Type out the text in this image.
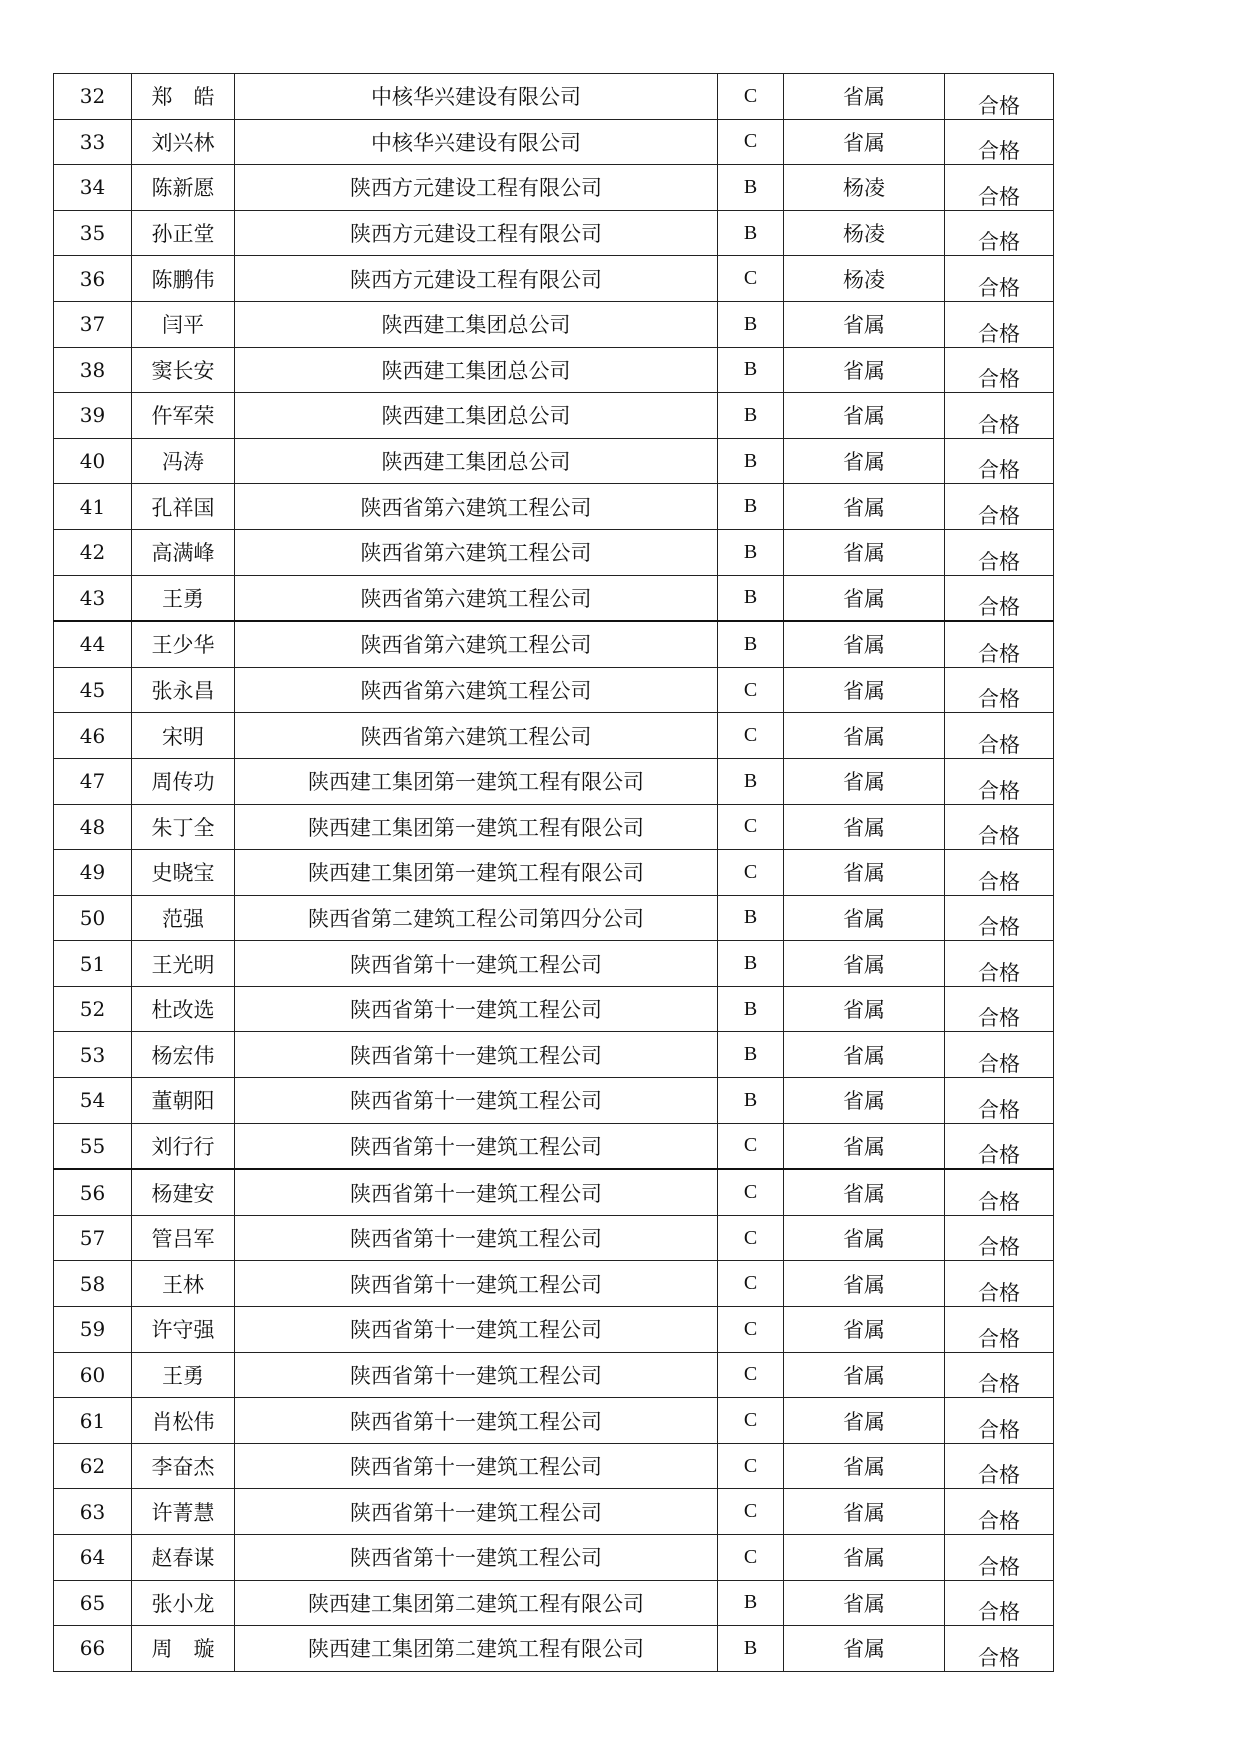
32	郑　皓	中核华兴建设有限公司	C	省属	合格
33	刘兴林	中核华兴建设有限公司	C	省属	合格
34	陈新愿	陕西方元建设工程有限公司	B	杨凌	合格
35	孙正堂	陕西方元建设工程有限公司	B	杨凌	合格
36	陈鹏伟	陕西方元建设工程有限公司	C	杨凌	合格
37	闫平	陕西建工集团总公司	B	省属	合格
38	窦长安	陕西建工集团总公司	B	省属	合格
39	仵军荣	陕西建工集团总公司	B	省属	合格
40	冯涛	陕西建工集团总公司	B	省属	合格
41	孔祥国	陕西省第六建筑工程公司	B	省属	合格
42	高满峰	陕西省第六建筑工程公司	B	省属	合格
43	王勇	陕西省第六建筑工程公司	B	省属	合格
44	王少华	陕西省第六建筑工程公司	B	省属	合格
45	张永昌	陕西省第六建筑工程公司	C	省属	合格
46	宋明	陕西省第六建筑工程公司	C	省属	合格
47	周传功	陕西建工集团第一建筑工程有限公司	B	省属	合格
48	朱丁全	陕西建工集团第一建筑工程有限公司	C	省属	合格
49	史晓宝	陕西建工集团第一建筑工程有限公司	C	省属	合格
50	范强	陕西省第二建筑工程公司第四分公司	B	省属	合格
51	王光明	陕西省第十一建筑工程公司	B	省属	合格
52	杜改选	陕西省第十一建筑工程公司	B	省属	合格
53	杨宏伟	陕西省第十一建筑工程公司	B	省属	合格
54	董朝阳	陕西省第十一建筑工程公司	B	省属	合格
55	刘行行	陕西省第十一建筑工程公司	C	省属	合格
56	杨建安	陕西省第十一建筑工程公司	C	省属	合格
57	管吕军	陕西省第十一建筑工程公司	C	省属	合格
58	王林	陕西省第十一建筑工程公司	C	省属	合格
59	许守强	陕西省第十一建筑工程公司	C	省属	合格
60	王勇	陕西省第十一建筑工程公司	C	省属	合格
61	肖松伟	陕西省第十一建筑工程公司	C	省属	合格
62	李奋杰	陕西省第十一建筑工程公司	C	省属	合格
63	许菁慧	陕西省第十一建筑工程公司	C	省属	合格
64	赵春谋	陕西省第十一建筑工程公司	C	省属	合格
65	张小龙	陕西建工集团第二建筑工程有限公司	B	省属	合格
66	周　璇	陕西建工集团第二建筑工程有限公司	B	省属	合格
